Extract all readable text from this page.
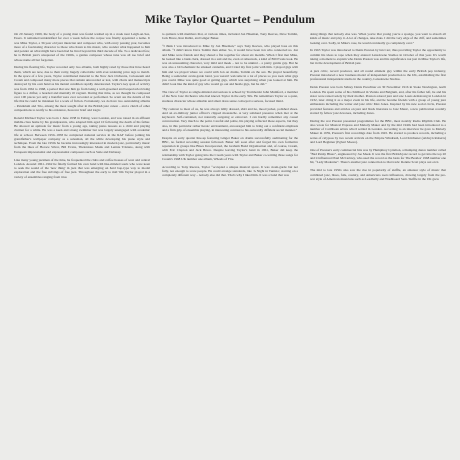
Mike Taylor Quartet – Pendulum

On 20 January 1969, the body of a young man was found washed up in a creek near Leigh-on-Sea, Essex. It remained unidentified for over a week before the corpse was finally appointed a name. It was Mike Taylor, a 30-year old jazz musician and composer who, with every passing year, becomes more of a fascinating character to those who listen to his music, who wonder what happened to him and ponder on what might have been had he lived beyond his third decade of life. To a dedicated few, he is British jazz's unsquared of the 1960s, a genius composer whose tune was all too brief and whose name all but forgotten.

During his fleeting life, Taylor recorded only two albums, both highly rated by those that have heard them, which are now, due to their rarity, hugely collectable with ever-widening price tags to match. In the space of a few years, Taylor contributed material to the New Jazz Orchestra, Colosseum and Cream and composed many more pieces that remain unrecorded or lost, with charts and manuscripts destroyed by his own hand as his mental condition rapidly deteriorated. Taylor's key span of activity was from 1962 to 1968, a period that saw him go from being a well-groomed and bespectacled rising figure to a drifter, a bearded and mentally ill vagrant. During that time, as we thought he composed over 100 pieces yet only a handful were ever recorded or performed. So scant are the details of his life that he could be mistaken for a work of fiction. Fortunately, we do have two outstanding albums – Pendulum and Trio, among the most sought after in the British jazz canon – and a clutch of other compositions to testify to his existence, however brief and tragic.

Ronald Michael Taylor was born 1 June 1938 in Ealing, west London, and was raised in an affluent middle-class home by his grandparents, who adopted him aged 10 following the death of his father. He showed an aptitude for music from a young age, taking piano lessons as a child and playing clarinet for a while. He was a keen and strong swimmer but was largely unengaged with academic life at school. Between 1956–1958 he completed national service in the RAF before joining his grandfather's wallpaper company as a salesman, all the while developing his piano style and technique. From the late 1950s he became increasingly interested in modern jazz, particularly music from the likes of Horace Silver, Bill Evans, Thelonious Monk and Lennie Tristano, along with European impressionist and expressionist composers such as Satie and Debussy.

Like many young jazzmen of the time, he frequented the clubs and coffee houses of west and central London. Around 1961–1962 he finally formed his own band with like-minded souls who were keen to seek the sound of the 'new thing' in jazz that was emerging on hard bop-type way to modal exploration and the free strivings of free jazz. Throughout the early to mid '60s Taylor played in a variety of ensembles ranging from trios

to quintets with members that, at various times, included Jon Hiseman, Tony Reeves, Dave Tomlin, Jack Bruce, Ron Rubin, and Ginger Baker.

“I think I was introduced to Mike by Jon Hiseman,” says Tony Reeves, who played bass on this album. “I didn't know Dave Tomlin then either. So, it would have been Jon who connected us. Jon and Mike were friends and they shared a flat together for about six months. When I first met Mike, he looked like a bank clerk, dressed in a suit and tie, even at rehearsals, a kind of Bill Evans look. He was an unassuming character, very mild and meek – not to be unkind – a pretty gentle guy. But he was also a bit bohemian: he smoked cannabis, and I tried my first joint with him. I played gigs with him and we played where we could with Jon on drums, Tomlin on the sax. He played beautifully. Being a somewhat avant-garde band, you weren't welcome in a lot of places so you took what gigs you could. Mike was quite good at getting gigs, which was surprising when you looked at him. He didn't look like the kind of guy who would go out and hustle gigs, but he did.”

The view of Taylor as single-minded and serious is echoed by Trombonist John Mumford, a member of the New Jazz Orchestra who had known Taylor in the early '60s. He remembers Taylor as a quiet, studious character whose amiable and smart dress sense conveyed a serious, focused mind.

“By contrast to most of us, he was always tidily dressed, shirt and tie, mood jacket, polished shoes. And an ex-military junior officer's clipped moustache. A very subdued presence when met at the keyboard. Self-contained, not naturally outgoing or extrovert. I can hardly remember any casual conversation. Very much to the point. Careful and polite, his playing reflected those aspects, but they also, in this particular rather heroic environment, encouraged him to bring out a confident emphasis and a firm grip of ensemble playing, in interesting contrast to his outwardly diffident social manner.”

Despite an early quartet line-up featuring Ginger Baker on drums successfully auditioning for the BBC, no formal recording session followed. Baker left soon after and forged his own formative reputation in groups like Blues Incorporated, the Graham Bond Organisation and, of course, Cream, with Eric Clapton and Jack Bruce. Despite leaving Taylor's band in 1961, Baker did keep the relationship with Taylor going into the Cream years with Taylor and Baker co-writing three songs for Cream's 1968 UK number one album, Wheels of Fire.

According to Tony Reeves, Taylor “occupied a unique musical space. It was avant-garde but not fully, not enough to scare people. He could arrange standards, like 'A Night in Tunisia', starting on a completely different way – nobody else did that. That's why I liked him. It was a band that was

doing things that nobody else was. When you're that young you're a sponge, you want to absorb all kinds of music and play it. A lot of changes, take risks. I did the very edge of the cliff, and sometimes looking over. Sadly, in Mike's case, he would eventually go completely over.”

In 1963 Taylor was introduced to Denis Preston by Ian Carr, thus providing Taylor the opportunity to commit his ideas to tape when they entered Lansdowne Studios in October of that year. It's worth taking a moment to explain who Denis Preston was and his significance not just in Mike Taylor's life, but in the development of British jazz.

A jazz critic, record producer, and all round eminent guy within the early British pop industry, Preston introduced a new business model of independent production to the UK, establishing the first professional independent studio in the country, Lansdowne Studios.

Denis Preston was born Sidney Denis Preschner on 30 November 1916 in Stoke Newington, north London. He spent some of his childhood in Vienna and Belgium, and, after his father left, he and his sister were raised solely by their mother. Preston adored jazz and saw Louis Armstrong in London in 1932, later citing it as a major event in his life, and he became friends with a group of young jazz enthusiasts including the writer and jazz critic Max Jones. Inspired by his new social circle, Preston provided features and articles on jazz and black literature to Jazz Music, a new publication recently started by fellow jazz devotees, including Jones.

During the war Preston presented programmes for the BBC, most notably Radio Rhythm Club. He also wrote for Musical Express and Melody Maker and by the mid 1940s had been introduced to a number of Caribbean artists who'd settled in London. According to an interview he gave to Melody Maker in 1959, Preston's first recordings date from 1945. He started to produce records, including a series of calypsos by two recent arrivals on the Empire Windrush, Lord Kitchener (Aldwyn Roberts) and Lord Beginner (Egbert Moore).

One of Preston's early commercial hits was by Humphrey Lyttelton, a thumping dance number called “Bad Penny Blues”, engineered by Joe Meek. It was the first British jazz record to get into the top 20 and it influenced Paul McCartney, who used the record as the basis for The Beatles' 1968 number one hit, “Lady Madonna”. There's another jazz connection to that track: Ronnie Scott plays sax on it.

The mid to late 1950s also saw the rise in popularity of skiffle, an amateur style of music that combined jazz, blues, folk, country, and Americana roots influences, drawing largely from the pre-war style of American musicians such as Leadbelly and Washboard Sam. Skiffle in the UK grew
